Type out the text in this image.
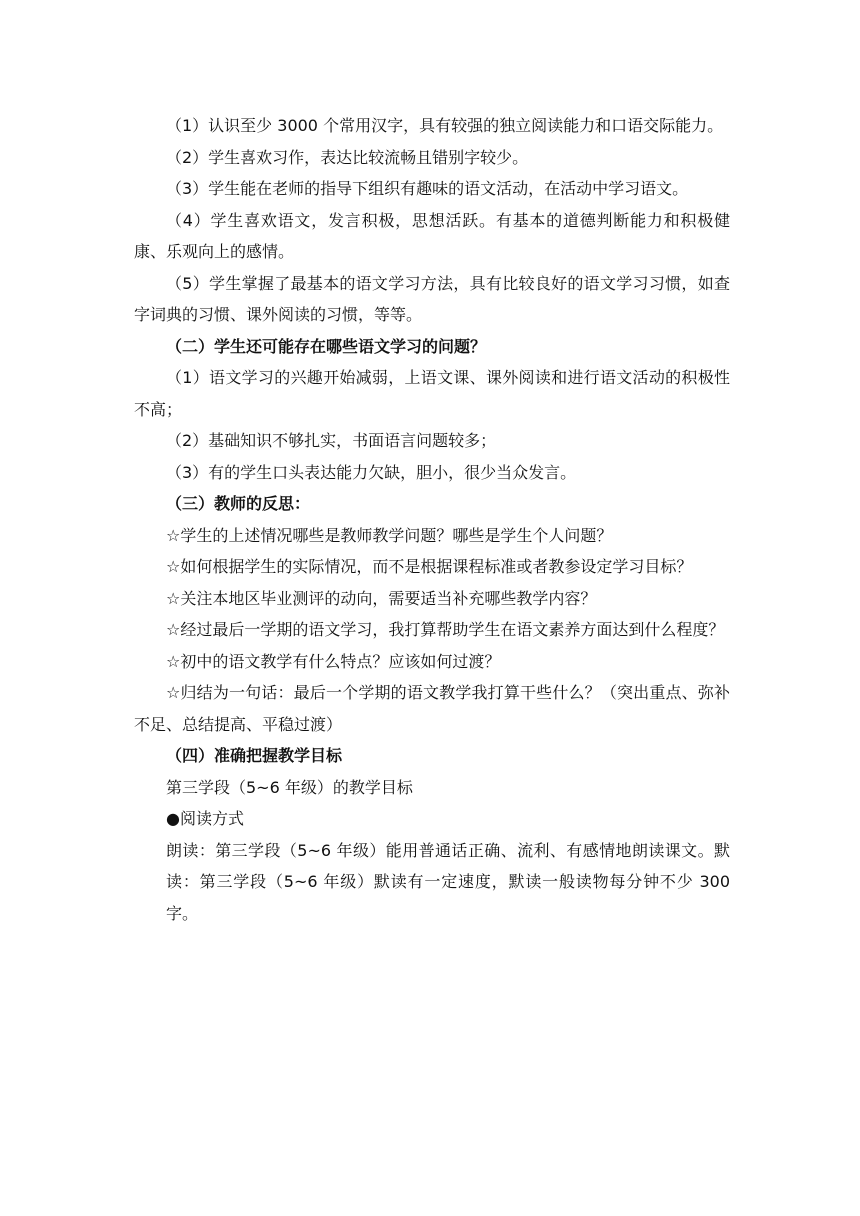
（1）认识至少 3000 个常用汉字，具有较强的独立阅读能力和口语交际能力。

（2）学生喜欢习作，表达比较流畅且错别字较少。

（3）学生能在老师的指导下组织有趣味的语文活动，在活动中学习语文。

（4）学生喜欢语文，发言积极，思想活跃。有基本的道德判断能力和积极健康、乐观向上的感情。

（5）学生掌握了最基本的语文学习方法，具有比较良好的语文学习习惯，如查字词典的习惯、课外阅读的习惯，等等。

（二）学生还可能存在哪些语文学习的问题？

（1）语文学习的兴趣开始减弱，上语文课、课外阅读和进行语文活动的积极性不高；

（2）基础知识不够扎实，书面语言问题较多；

（3）有的学生口头表达能力欠缺，胆小，很少当众发言。

（三）教师的反思：

☆学生的上述情况哪些是教师教学问题？哪些是学生个人问题？

☆如何根据学生的实际情况，而不是根据课程标准或者教参设定学习目标？

☆关注本地区毕业测评的动向，需要适当补充哪些教学内容？

☆经过最后一学期的语文学习，我打算帮助学生在语文素养方面达到什么程度？

☆初中的语文教学有什么特点？应该如何过渡？

☆归结为一句话：最后一个学期的语文教学我打算干些什么？（突出重点、弥补不足、总结提高、平稳过渡）

（四）准确把握教学目标

第三学段（5~6 年级）的教学目标

●阅读方式

朗读：第三学段（5~6 年级）能用普通话正确、流利、有感情地朗读课文。默读：第三学段（5~6 年级）默读有一定速度，默读一般读物每分钟不少 300 字。
